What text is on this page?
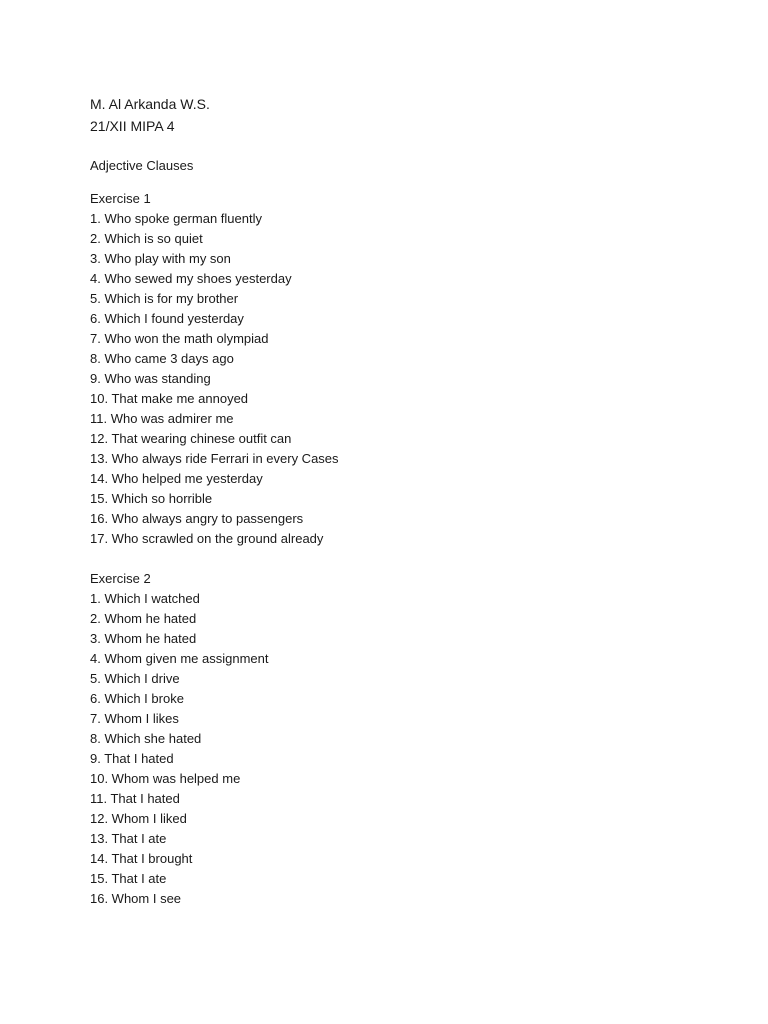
M. Al Arkanda W.S.

21/XII MIPA 4

Adjective Clauses

Exercise 1

1. Who spoke german fluently
2. Which is so quiet
3. Who play with my son
4. Who sewed my shoes yesterday
5. Which is for my brother
6. Which I found yesterday
7. Who won the math olympiad
8. Who came 3 days ago
9. Who was standing
10. That make me annoyed
11. Who was admirer me
12. That wearing chinese outfit can
13. Who always ride Ferrari in every Cases
14. Who helped me yesterday
15. Which so horrible
16. Who always angry to passengers
17. Who scrawled on the ground already

Exercise 2

1. Which I watched
2. Whom he hated
3. Whom he hated
4. Whom given me assignment
5. Which I drive
6. Which I broke
7. Whom I likes
8. Which she hated
9. That I hated
10. Whom was helped me
11. That I hated
12. Whom I liked
13. That I ate
14. That I brought
15. That I ate
16. Whom I see
